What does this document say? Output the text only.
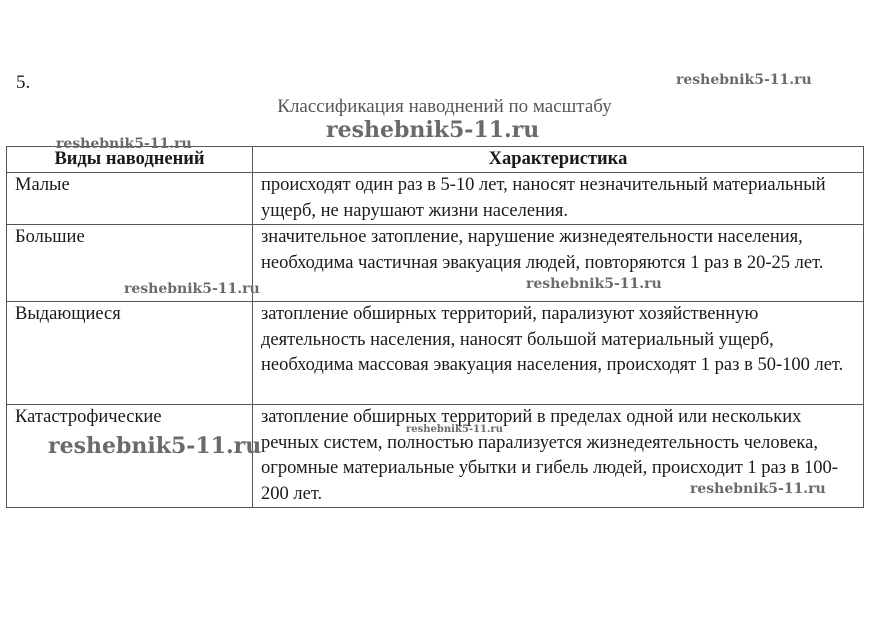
5.
Классификация наводнений по масштабу
Виды наводнений	Характеристика
Малые	происходят один раз в 5-10 лет, наносят незначительный материальный ущерб, не нарушают жизни населения.
Большие	значительное затопление, нарушение жизнедеятельности населения, необходима частичная эвакуация людей, повторяются 1 раз в 20-25 лет.
Выдающиеся	затопление обширных территорий, парализуют хозяйственную деятельность населения, наносят большой материальный ущерб, необходима массовая эвакуация населения, происходят 1 раз в 50-100 лет.
Катастрофические	затопление обширных территорий в пределах одной или нескольких речных систем, полностью парализуется жизнедеятельность человека, огромные материальные убытки и гибель людей, происходит 1 раз в 100-200 лет.
reshebnik5-11.ru
reshebnik5-11.ru
reshebnik5-11.ru
reshebnik5-11.ru	reshebnik5-11.ru
reshebnik5-11.ru
reshebnik5-11.ru
reshebnik5-11.ru
